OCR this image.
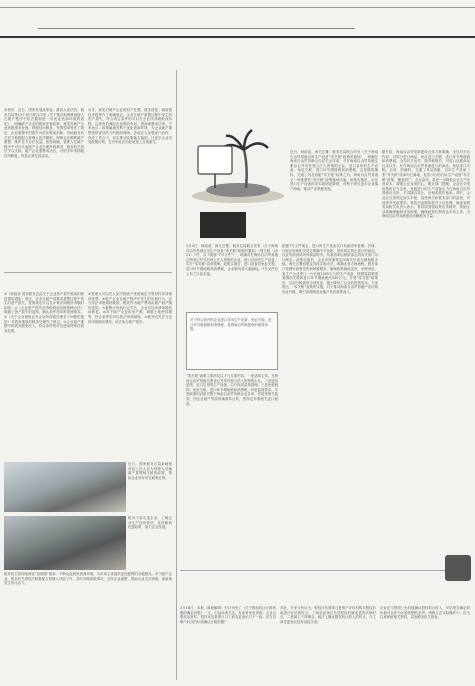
本报讯　近日，国家发展改革委、最高人民法院、税务总局等13个部门联合印发《关于推动和保障管理人在破产程序中依法履职进一步优化营商环境的意见》，明确破产企业的税收征管政策。意见对破产企业涉税事务处理、纳税信用修复、发票领用等作了规定，企业重整中的损失可依法税前扣除。各地税务机关应当积极配合管理人依法履职，保障企业顺利破产重整，维护各方合法权益。意见明确，管理人在破产程序中可以代表破产企业办理涉税事项，税务机关依法予以支持。破产企业重整成功后，可依法申请纳税信用修复，恢复正常经营活动。
另外，意见对破产企业的财产处置、债务清偿、税收债权申报等作了明确规定。企业在破产重整过程中发生的资产损失，符合规定条件的可以在企业所得税税前扣除。这将有效减轻企业税收负担，提高重整成功率。专家表示，政策落地有利于优化营商环境，为企业破产重整提供更加有力的税收保障。各地应当加强部门协作，形成工作合力，切实推动政策落实落细，让更多企业享受政策红利，在市场化法治化轨道上实现重生。
①《财政部 国家税务总局关于企业资产损失税前扣除政策的通知》规定，企业在破产清算或重整过程中发生的资产损失，按照规定可以在计算应纳税所得额时扣除。②《企业资产损失所得税税前扣除管理办法》明确了资产损失的范围、确认条件和申报管理要求。③《关于企业重组业务企业所得税处理若干问题的通知》对债务重组的税务处理作了规定。④企业破产重整中的债务豁免收入，符合条件的可以适用特殊性税务处理。
⑤管理人可以凭人民法院破产受理裁定书等材料申请领用发票。⑥破产企业在破产程序中发生的应税行为，应当依法申报缴纳税款，税款作为破产费用由破产财产随时清偿。⑦重整计划执行完毕后，企业可以申请纳税信用修复。⑧对于破产企业的房产税、城镇土地使用税等，符合条件的可以依法申请减免。⑨税务机关应当及时申报税收债权，依法参与破产程序。
近日，国家税务总局某地税务局工作人员为纳税人讲解破产重整相关税收政策，帮助企业用好用足政策红利。
税务干部走进企业，了解企业生产经营情况，宣传税收优惠政策，助力企业发展。
税务机关将持续深化“放管服”改革，不断优化税收营商环境，为市场主体提供更加便利的办税服务。对于破产企业，税务机关将依法积极配合管理人开展工作，及时办理涉税事项，支持企业重整，帮助企业走出困境，重新焕发生机与活力。
近日，财政部、海关总署、税务总局联合印发《关于海南自由贸易港自用生产设备“零关税”政策的通知》，明确在海南自由贸易港全岛封关运作前，对在海南自由贸易港注册登记并具有独立法人资格的企业，进口自用的生产设备，免征关税、进口环节增值税和消费税。这是继原辅料、交通工具及游艇“零关税”政策之后，海南自由贸易港又一项重要的“零关税”政策落地实施。政策实施后，企业进口生产设备的成本将明显降低，有利于吸引更多企业落户海南，推动产业集聚发展。
3月4日，财政部、海关总署、税务总局联合发布《关于海南自由贸易港自用生产设备“零关税”政策的通知》（财关税〔2021〕7号，以下简称“7号文件”），明确对在海南自由贸易港注册登记并具有独立法人资格的企业，进口自用的生产设备，实行“零关税”清单管理。政策实施后，进口设备将免征关税、进口环节增值税和消费税，企业税负将大幅减轻。7号文件自公布之日起实施。
对于符合条件的企业进口自用生产设备，免征关税、进口环节增值税和消费税，是海南自贸港建设的重要举措。
“零关税”政策主要涉及以下几方面内容。一是适用主体。在海南自由贸易港注册登记并具有独立法人资格的企业。二是适用范围。进口自用的生产设备，实行负面清单管理。三是免税税种。免征关税、进口环节增值税和消费税。四是监管要求。享受政策的设备仅限于海南自由贸易港企业自用，并接受海关监管。因企业破产等原因确需转让的，按规定补缴相关进口税款。
根据7号文件规定，进口的生产设备实行负面清单管理。法律、行政法规和相关规定明确不予免税、国家规定禁止进口的商品，以及负面清单所列商品除外。负面清单由财政部会同有关部门另行制定。政策实施后，企业可按照规定向海关申请办理免税手续。海关总署将制定具体实施办法，明确业务办理流程。税务部门将做好政策宣传和纳税服务，确保政策落地见效。举例来说，某生产企业进口一台价值1000万元的生产设备，按照原政策需要缴纳关税和进口环节增值税约200万元，享受“零关税”政策后，这部分税款将全部免征，极大降低了企业的投资成本。专家指出，“零关税”政策的实施，对于推动海南自由贸易港产业结构优化升级、吸引高端制造业落户具有重要意义。
据介绍，海南自由贸易港建设总体方案明确，全岛封关运作前，对部分进口商品，免征进口关税、进口环节增值税和消费税。全岛封关运作、简并税制后，对进口征税商品目录以外、允许海南自由贸易港进口的商品，免征进口关税。目前，原辅料、交通工具及游艇、自用生产设备三张“零关税”清单均已落地。此次出台的自用生产设备“零关税”政策，覆盖面广、含金量高，将进一步降低企业生产经营成本，增强企业发展信心。税务部门提醒，企业在享受政策时应当注意，免税进口的生产设备应当在海南自由贸易港内自用，不得擅自转让、出租或移作他用。同时，企业应当按规定如实申报，接受海关和税务部门的监管。对违规享受政策的，将依法追缴税款并予以处理。海南省税务局相关负责人表示，将持续加强政策宣传辅导，帮助企业准确理解和适用政策，确保政策红利直达市场主体，为海南自由贸易港建设贡献税务力量。
2月18日，本报《财税解码》栏目刊发了《关于股权转让计税依据的确定问题》一文，引起读者关注。有读者来电咨询：企业以股权出资时，股权评估基准日与工商变更登记日不一致，应当以哪个时点的价值确认计税依据？
对此，专家分析认为，股权评估基准日是资产评估机构对股权价值进行评估的时点，工商变更登记日是股权权属变更的法律时点，二者属于不同概念。税法上确认股权转让收入的时点，与工商变更登记没有直接关系。
企业应当按照公允价值确认股权转让收入，评估报告确定的价值可以作为计税依据的参考。纳税人在实际操作中，应当注意保留相关资料，以备税务机关核查。
